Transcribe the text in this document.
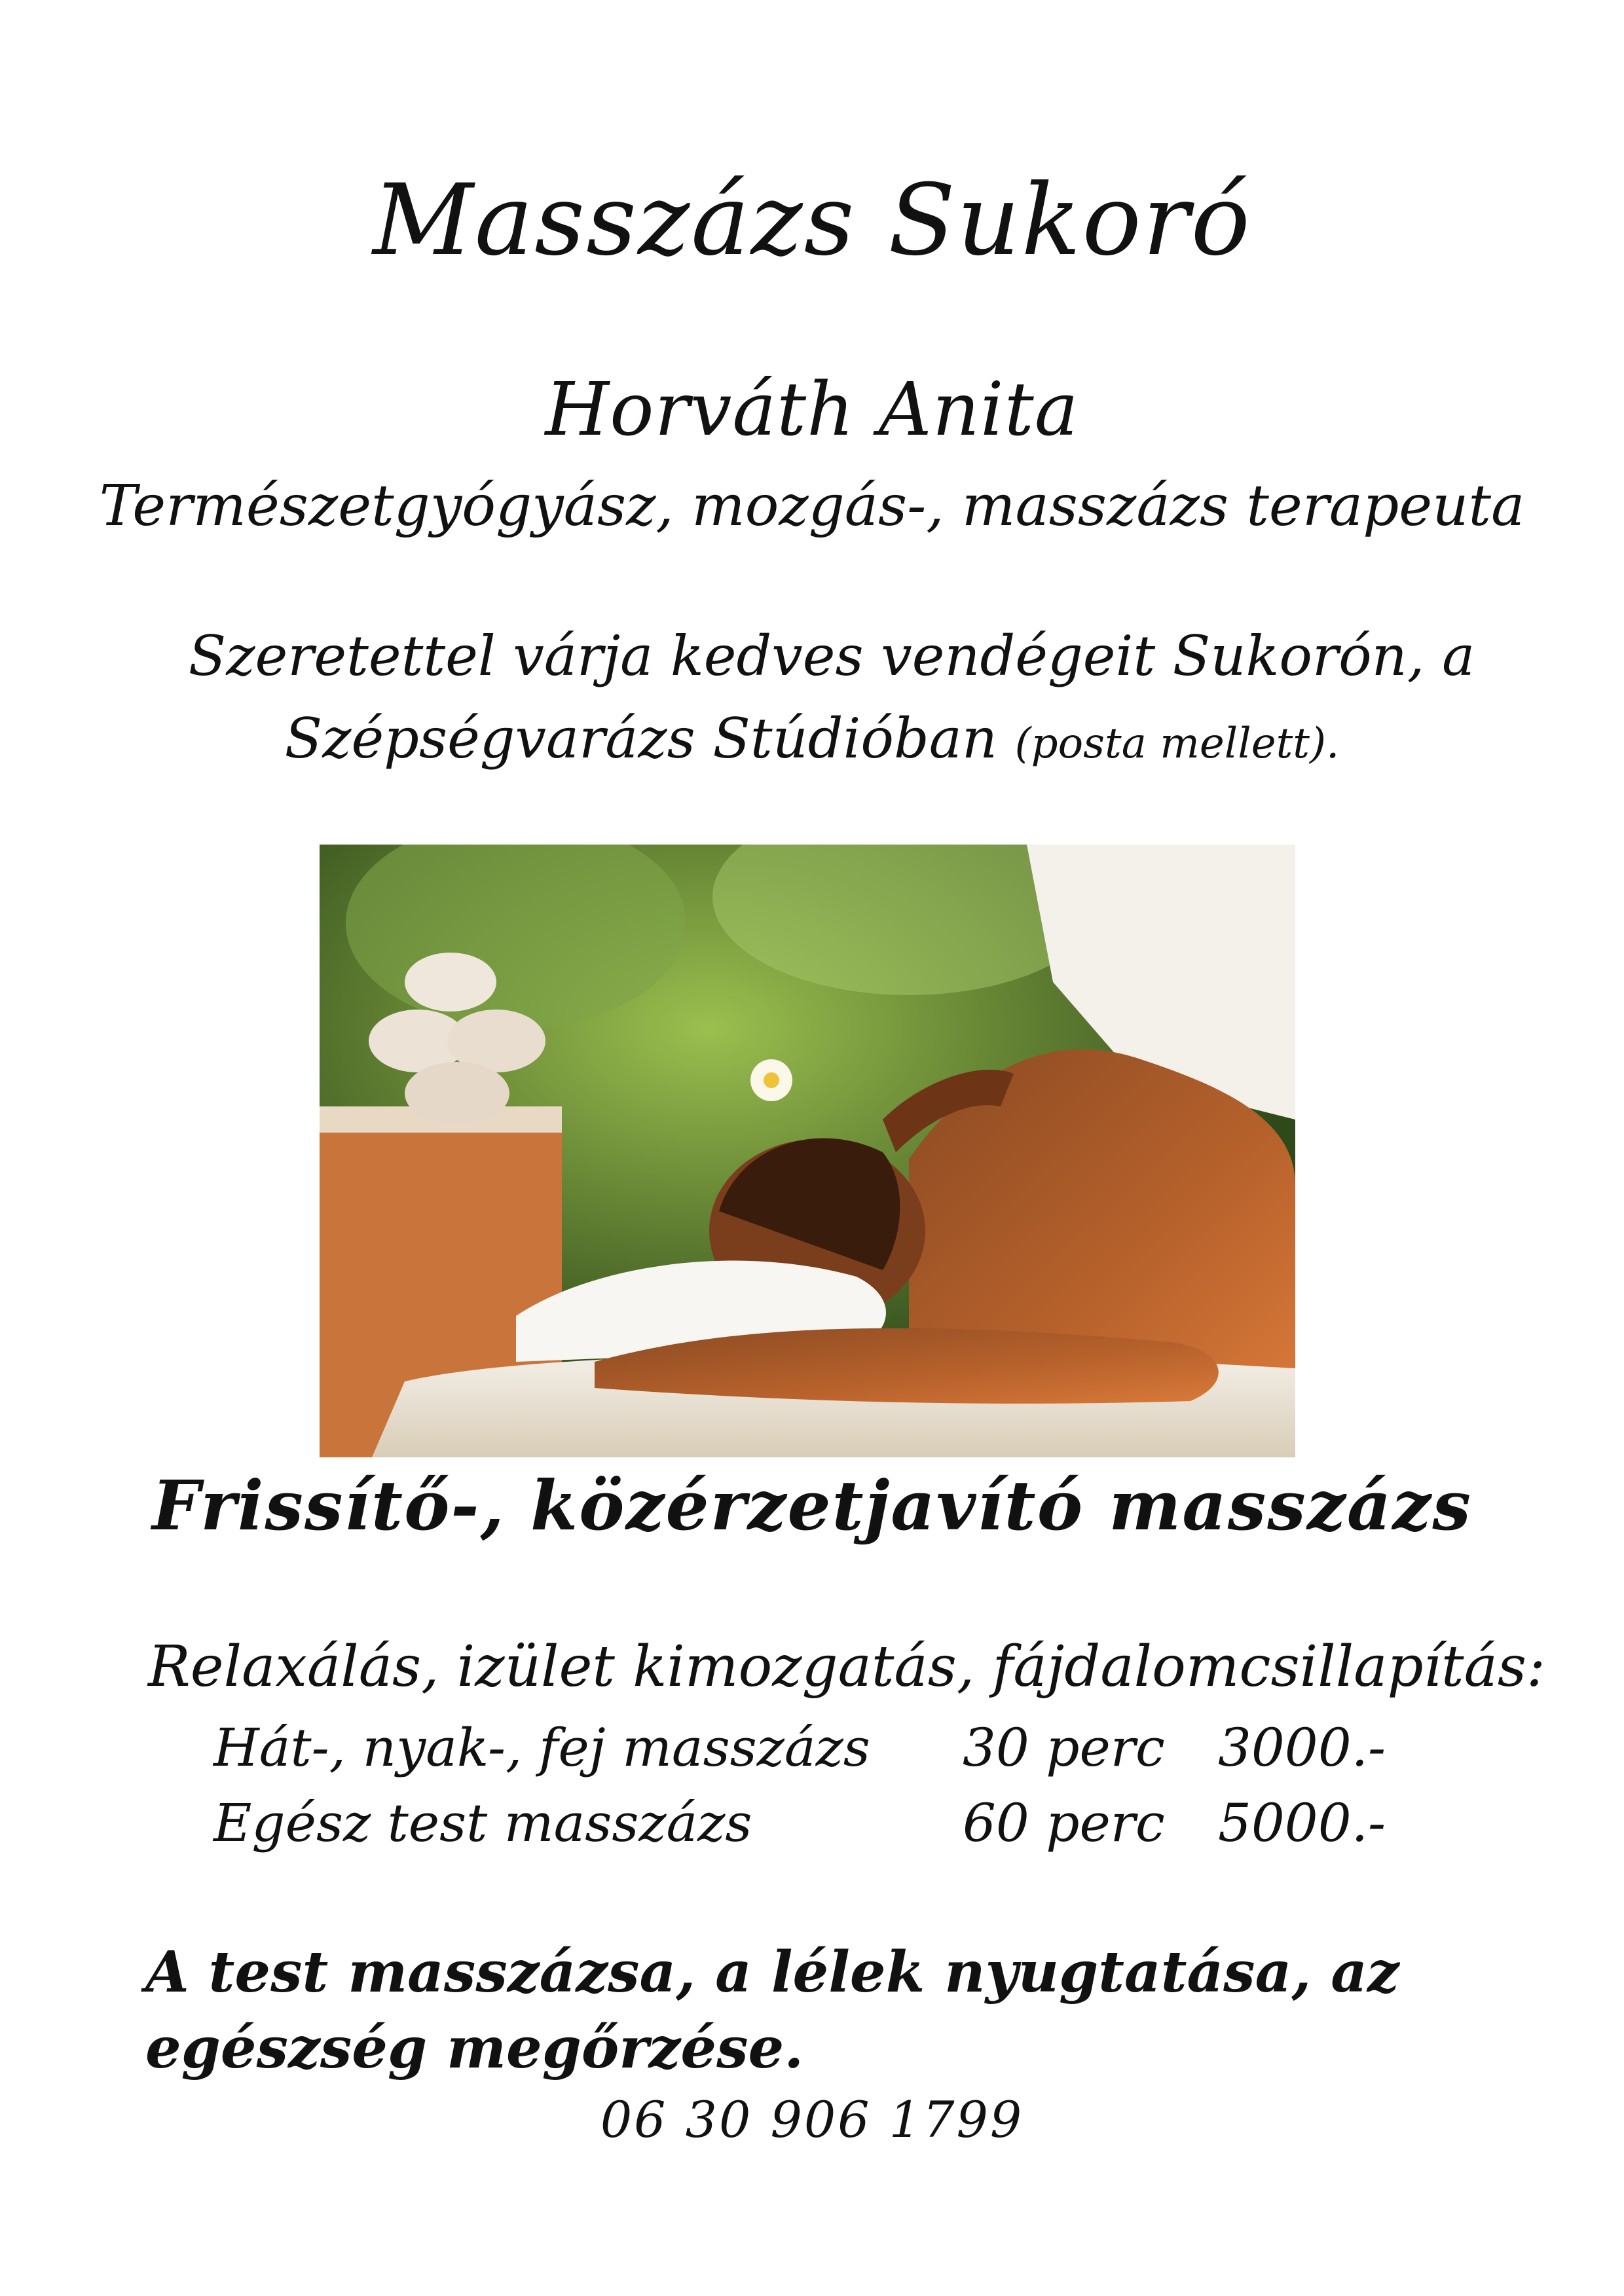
Masszázs Sukoró
Horváth Anita
Természetgyógyász, mozgás-, masszázs terapeuta
Szeretettel várja kedves vendégeit Sukorón, a
Szépségvarázs Stúdióban (posta mellett).
Frissítő-, közérzetjavító masszázs
Relaxálás, izület kimozgatás, fájdalomcsillapítás:
Hát-, nyak-, fej masszázs 30 perc 3000.-
Egész test masszázs	60 perc 5000.-
A test masszázsa, a lélek nyugtatása, az egészség megőrzése.
06 30 906 1799
